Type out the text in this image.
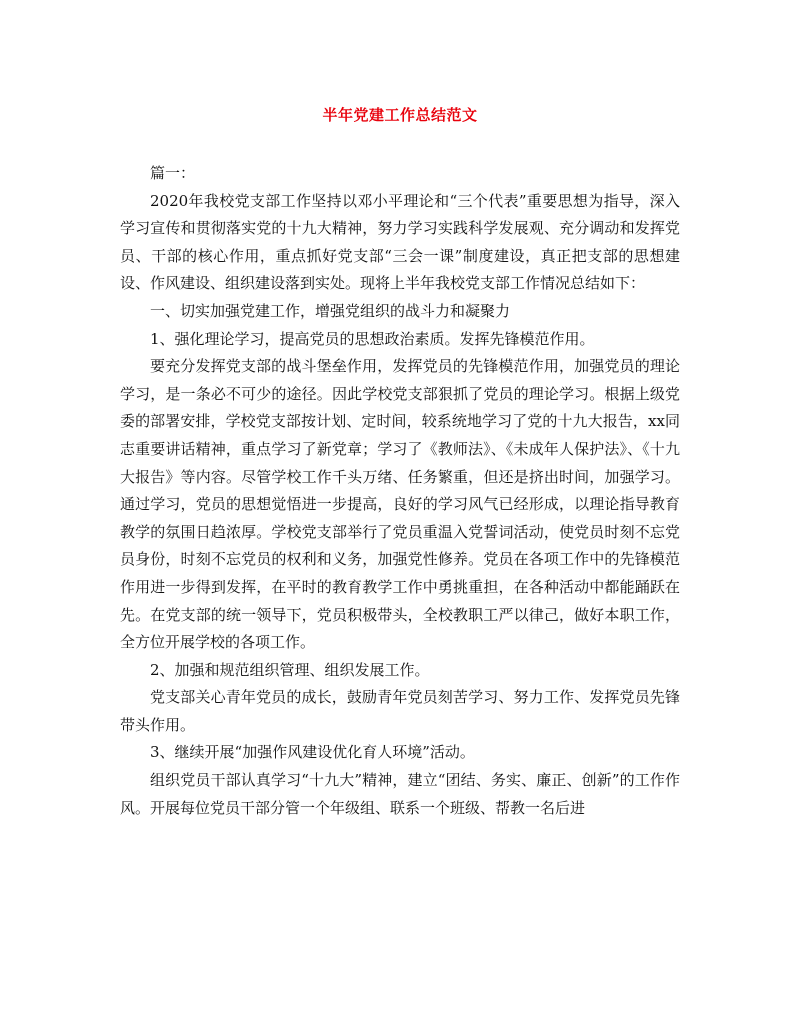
半年党建工作总结范文

篇一：

2020年我校党支部工作坚持以邓小平理论和“三个代表”重要思想为指导，深入学习宣传和贯彻落实党的十九大精神，努力学习实践科学发展观、充分调动和发挥党员、干部的核心作用，重点抓好党支部“三会一课”制度建设，真正把支部的思想建设、作风建设、组织建设落到实处。现将上半年我校党支部工作情况总结如下：

一、切实加强党建工作，增强党组织的战斗力和凝聚力

1、强化理论学习，提高党员的思想政治素质。发挥先锋模范作用。

要充分发挥党支部的战斗堡垒作用，发挥党员的先锋模范作用，加强党员的理论学习，是一条必不可少的途径。因此学校党支部狠抓了党员的理论学习。根据上级党委的部署安排，学校党支部按计划、定时间，较系统地学习了党的十九大报告，xx同志重要讲话精神，重点学习了新党章；学习了《教师法》、《未成年人保护法》、《十九大报告》等内容。尽管学校工作千头万绪、任务繁重，但还是挤出时间，加强学习。通过学习，党员的思想觉悟进一步提高，良好的学习风气已经形成，以理论指导教育教学的氛围日趋浓厚。学校党支部举行了党员重温入党誓词活动，使党员时刻不忘党员身份，时刻不忘党员的权利和义务，加强党性修养。党员在各项工作中的先锋模范作用进一步得到发挥，在平时的教育教学工作中勇挑重担，在各种活动中都能踊跃在先。在党支部的统一领导下，党员积极带头，全校教职工严以律己，做好本职工作，全方位开展学校的各项工作。

2、加强和规范组织管理、组织发展工作。

党支部关心青年党员的成长，鼓励青年党员刻苦学习、努力工作、发挥党员先锋带头作用。

3、继续开展“加强作风建设优化育人环境”活动。

组织党员干部认真学习“十九大”精神，建立“团结、务实、廉正、创新”的工作作风。开展每位党员干部分管一个年级组、联系一个班级、帮教一名后进
